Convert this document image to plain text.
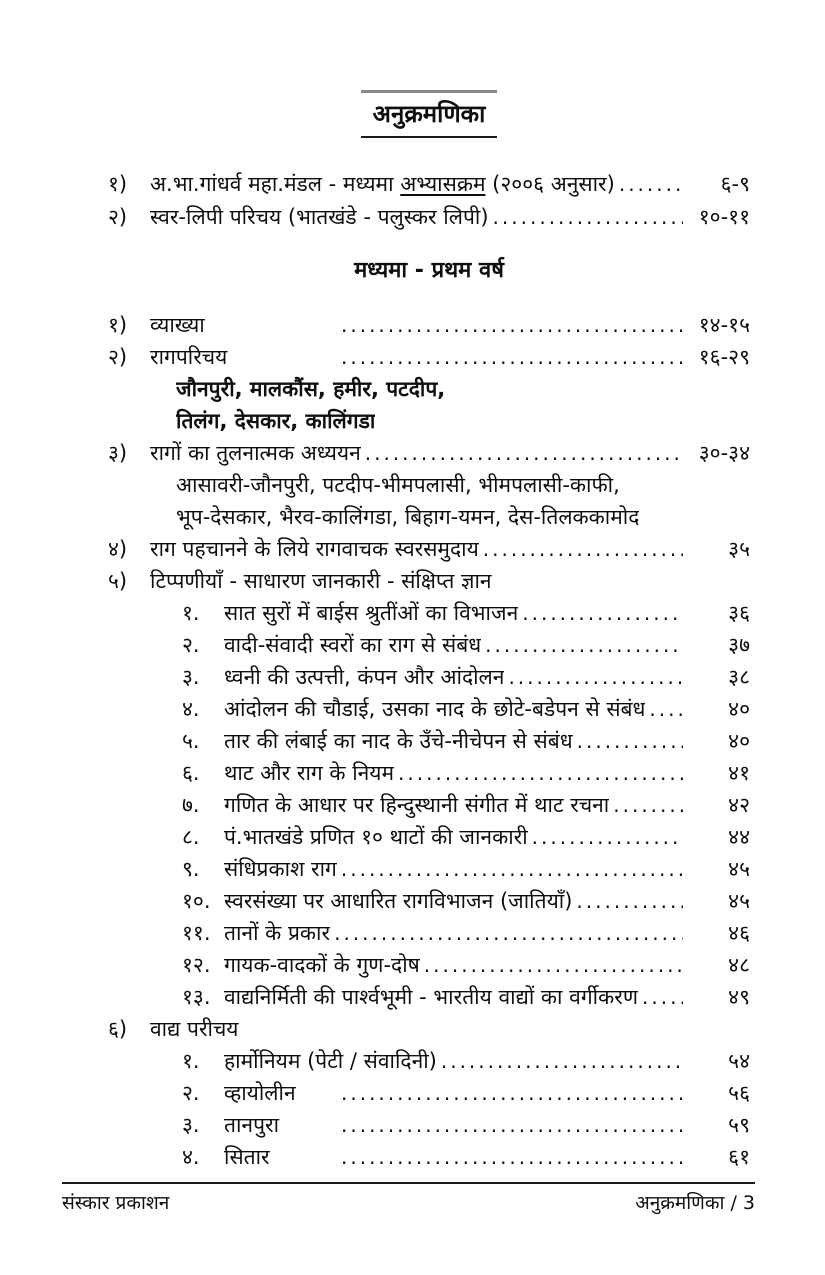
अनुक्रमणिका
१)	अ.भा.गांधर्व महा.मंडल - मध्यमा अभ्यासक्रम (२००६ अनुसार) .....	६-९
२)	स्वर-लिपी परिचय (भातखंडे - पलुस्कर लिपी) .....	१०-११
मध्यमा - प्रथम वर्ष
१)	व्याख्या .....	१४-१५
२)	रागपरिचय .....	१६-२९
जौनपुरी, मालकौंस, हमीर, पटदीप,
तिलंग, देसकार, कालिंगडा
३)	रागों का तुलनात्मक अध्ययन .....	३०-३४
आसावरी-जौनपुरी, पटदीप-भीमपलासी, भीमपलासी-काफी,
भूप-देसकार, भैरव-कालिंगडा, बिहाग-यमन, देस-तिलककामोद
४)	राग पहचानने के लिये रागवाचक स्वरसमुदाय .....	३५
५)	टिप्पणीयाँ - साधारण जानकारी - संक्षिप्त ज्ञान
१.	सात सुरों में बाईस श्रुतींओं का विभाजन .....	३६
२.	वादी-संवादी स्वरों का राग से संबंध .....	३७
३.	ध्वनी की उत्पत्ती, कंपन और आंदोलन .....	३८
४.	आंदोलन की चौडाई, उसका नाद के छोटे-बडेपन से संबंध .....	४०
५.	तार की लंबाई का नाद के उँचे-नीचेपन से संबंध .....	४०
६.	थाट और राग के नियम .....	४१
७.	गणित के आधार पर हिन्दुस्थानी संगीत में थाट रचना .....	४२
८.	पं.भातखंडे प्रणित १० थाटों की जानकारी .....	४४
९.	संधिप्रकाश राग .....	४५
१०. स्वरसंख्या पर आधारित रागविभाजन (जातियाँ) .....	४५
११. तानों के प्रकार .....	४६
१२. गायक-वादकों के गुण-दोष .....	४८
१३. वाद्यनिर्मिती की पार्श्वभूमी - भारतीय वाद्यों का वर्गीकरण .....	४९
६)	वाद्य परीचय
१.	हार्मोनियम (पेटी / संवादिनी) .....	५४
२.	व्हायोलीन .....	५६
३.	तानपुरा .....	५९
४.	सितार .....	६१
संस्कार प्रकाशन	अनुक्रमणिका / 3
